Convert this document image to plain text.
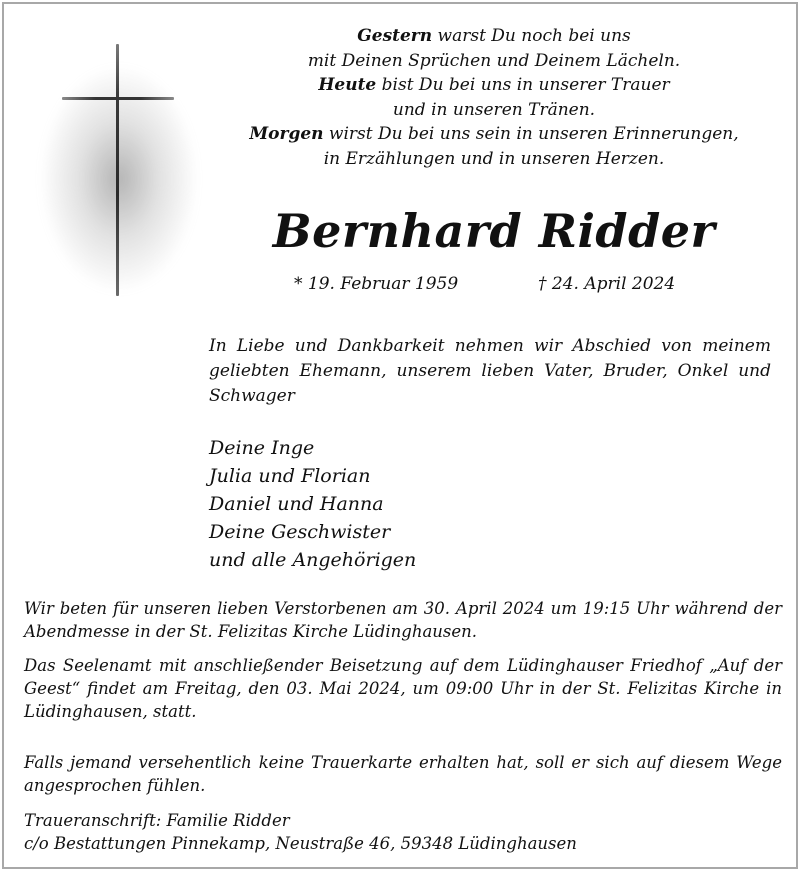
Gestern warst Du noch bei uns
mit Deinen Sprüchen und Deinem Lächeln.
Heute bist Du bei uns in unserer Trauer
und in unseren Tränen.
Morgen wirst Du bei uns sein in unseren Erinnerungen,
in Erzählungen und in unseren Herzen.
Bernhard Ridder
* 19. Februar 1959	† 24. April 2024
In Liebe und Dankbarkeit nehmen wir Abschied von meinem geliebten Ehemann, unserem lieben Vater, Bruder, Onkel und Schwager
Deine Inge
Julia und Florian
Daniel und Hanna
Deine Geschwister
und alle Angehörigen
Wir beten für unseren lieben Verstorbenen am 30. April 2024 um 19:15 Uhr während der Abendmesse in der St. Felizitas Kirche Lüdinghausen.
Das Seelenamt mit anschließender Beisetzung auf dem Lüdinghauser Friedhof „Auf der Geest“ findet am Freitag, den 03. Mai 2024, um 09:00 Uhr in der St. Felizitas Kirche in Lüdinghausen, statt.
Falls jemand versehentlich keine Trauerkarte erhalten hat, soll er sich auf diesem Wege angesprochen fühlen.
Traueranschrift: Familie Ridder
c/o Bestattungen Pinnekamp, Neustraße 46, 59348 Lüdinghausen
